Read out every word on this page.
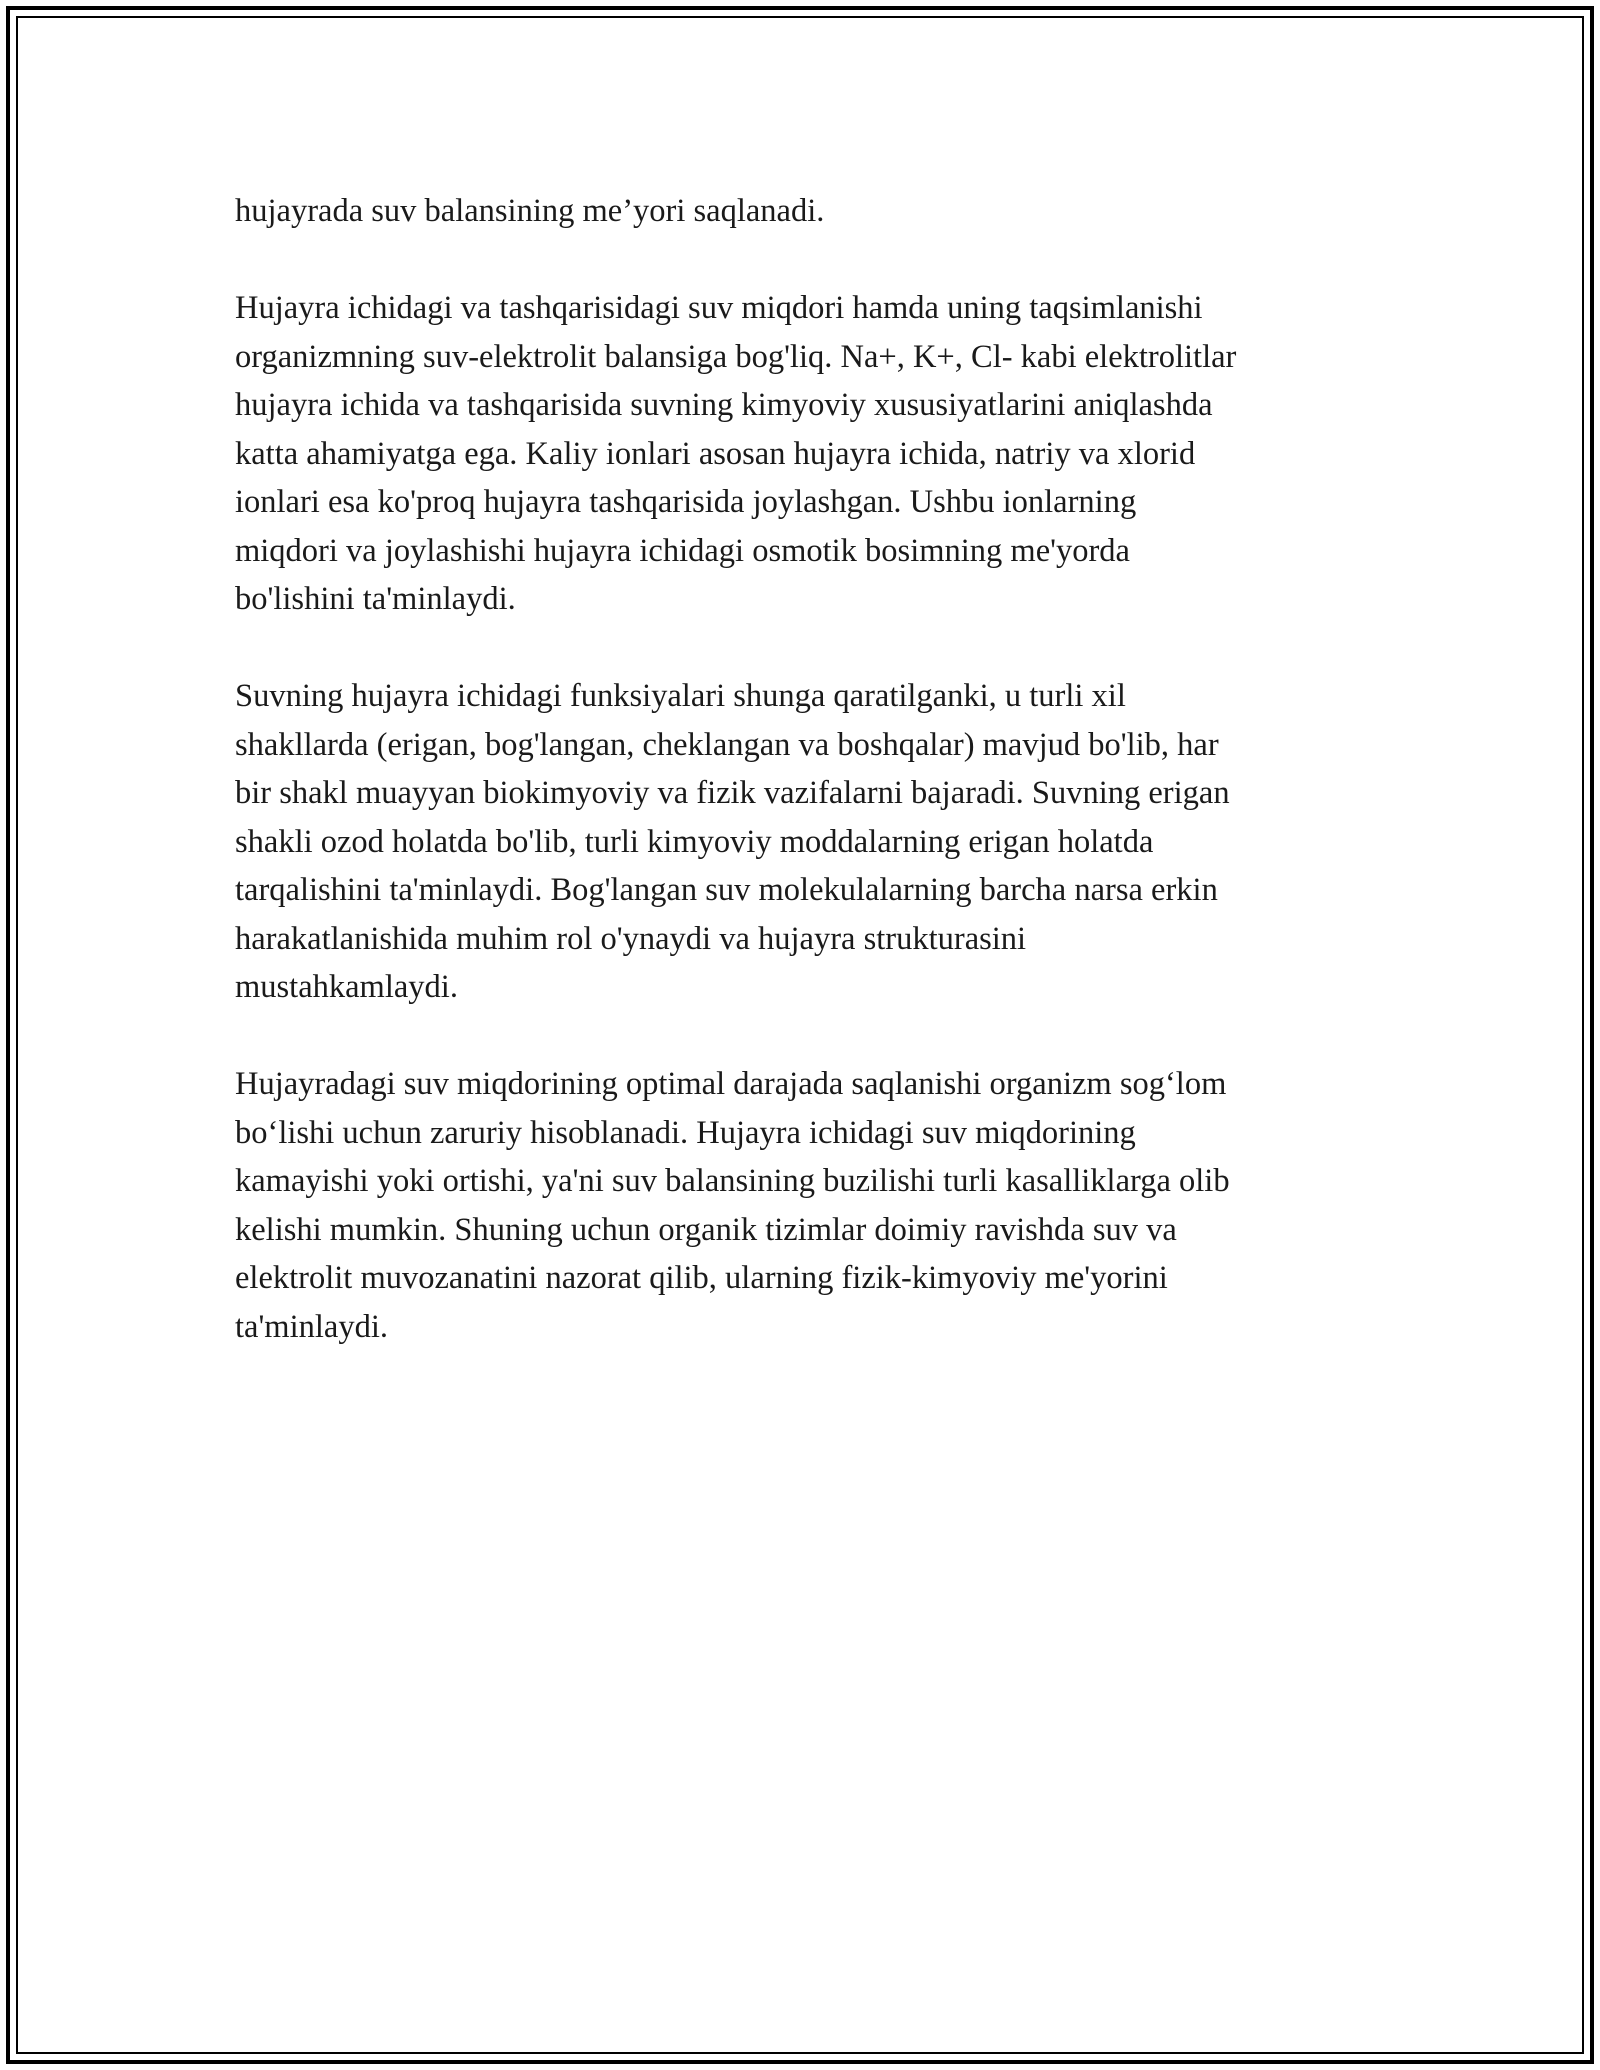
hujayrada suv balansining me’yori saqlanadi.
Hujayra ichidagi va tashqarisidagi suv miqdori hamda uning taqsimlanishi
organizmning suv-elektrolit balansiga bog'liq. Na+, K+, Cl- kabi elektrolitlar
hujayra ichida va tashqarisida suvning kimyoviy xususiyatlarini aniqlashda
katta ahamiyatga ega. Kaliy ionlari asosan hujayra ichida, natriy va xlorid
ionlari esa ko'proq hujayra tashqarisida joylashgan. Ushbu ionlarning
miqdori va joylashishi hujayra ichidagi osmotik bosimning me'yorda
bo'lishini ta'minlaydi.
Suvning hujayra ichidagi funksiyalari shunga qaratilganki, u turli xil
shakllarda (erigan, bog'langan, cheklangan va boshqalar) mavjud bo'lib, har
bir shakl muayyan biokimyoviy va fizik vazifalarni bajaradi. Suvning erigan
shakli ozod holatda bo'lib, turli kimyoviy moddalarning erigan holatda
tarqalishini ta'minlaydi. Bog'langan suv molekulalarning barcha narsa erkin
harakatlanishida muhim rol o'ynaydi va hujayra strukturasini
mustahkamlaydi.
Hujayradagi suv miqdorining optimal darajada saqlanishi organizm sog‘lom
bo‘lishi uchun zaruriy hisoblanadi. Hujayra ichidagi suv miqdorining
kamayishi yoki ortishi, ya'ni suv balansining buzilishi turli kasalliklarga olib
kelishi mumkin. Shuning uchun organik tizimlar doimiy ravishda suv va
elektrolit muvozanatini nazorat qilib, ularning fizik-kimyoviy me'yorini
ta'minlaydi.
